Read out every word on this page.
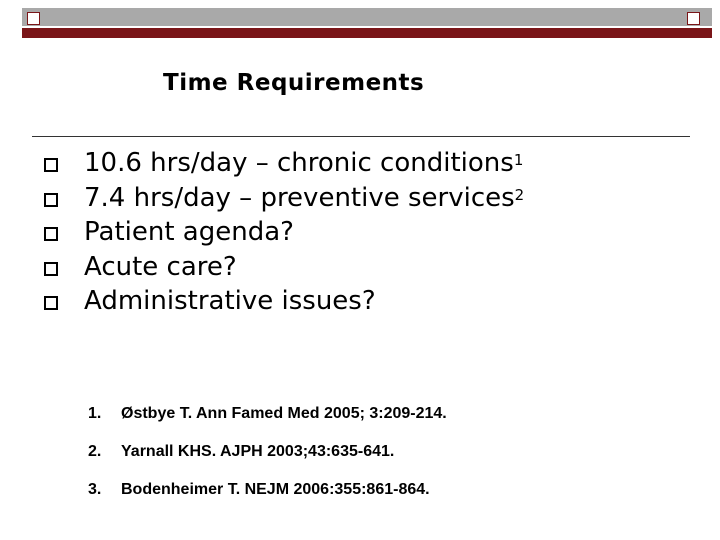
Time Requirements
10.6 hrs/day – chronic conditions$^1$
7.4 hrs/day – preventive services$^2$
Patient agenda?
Acute care?
Administrative issues?
1.	Østbye T. Ann Famed Med 2005; 3:209-214.
2.	Yarnall KHS. AJPH 2003;43:635-641.
3.	Bodenheimer T. NEJM 2006:355:861-864.
